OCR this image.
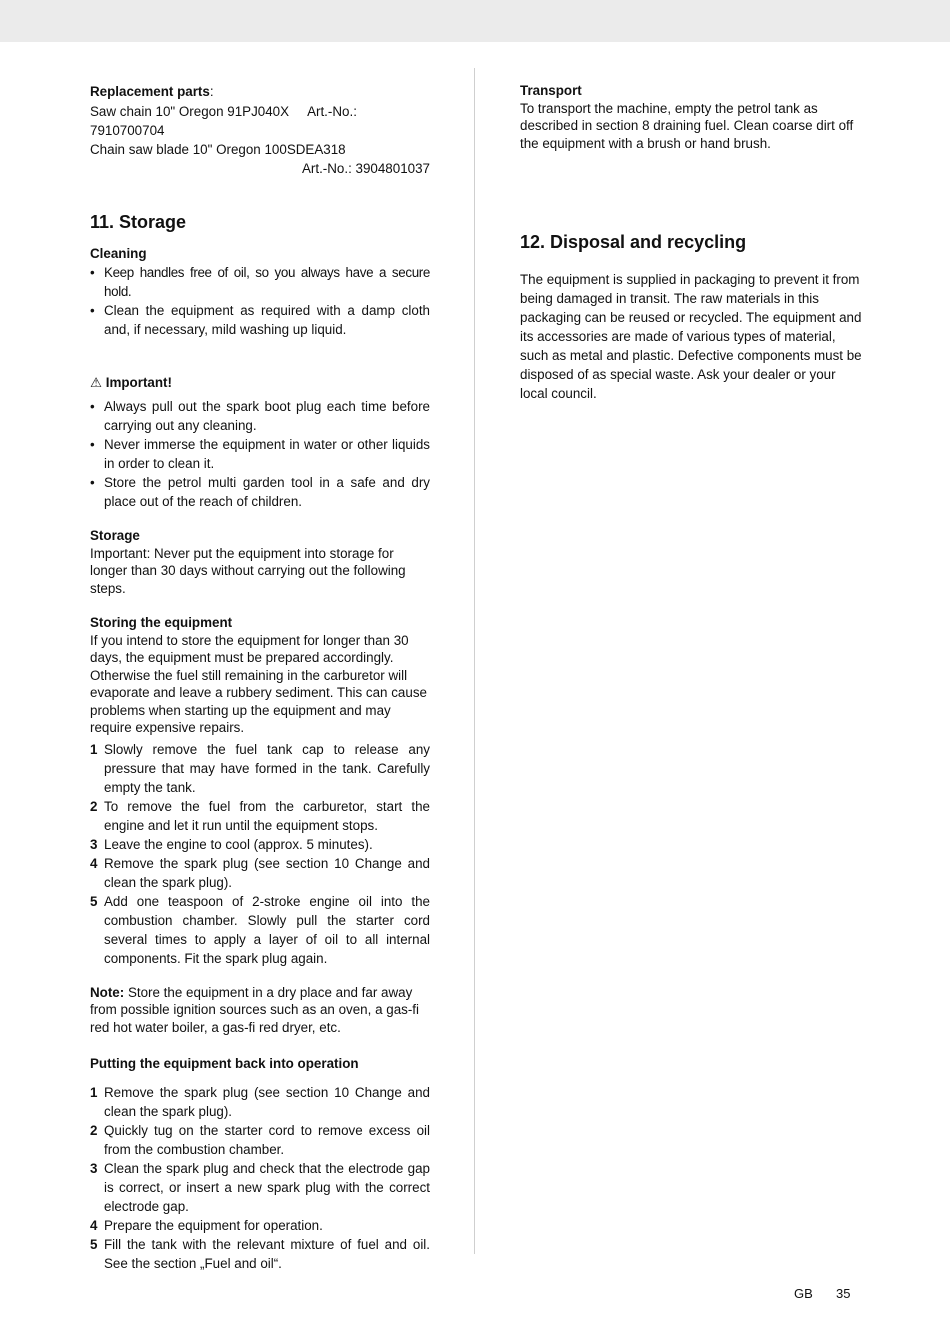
Replacement parts:

Saw chain 10" Oregon 91PJ040X Art.-No.: 7910700704

Chain saw blade 10" Oregon 100SDEA318

Art.-No.: 3904801037

11. Storage

Cleaning

• Keep handles free of oil, so you always have a secure hold.
• Clean the equipment as required with a damp cloth and, if necessary, mild washing up liquid.

⚠ Important!

• Always pull out the spark boot plug each time before carrying out any cleaning.
• Never immerse the equipment in water or other liquids in order to clean it.
• Store the petrol multi garden tool in a safe and dry place out of the reach of children.

Storage

Important: Never put the equipment into storage for longer than 30 days without carrying out the following steps.

Storing the equipment

If you intend to store the equipment for longer than 30 days, the equipment must be prepared accordingly. Otherwise the fuel still remaining in the carburetor will evaporate and leave a rubbery sediment. This can cause problems when starting up the equipment and may require expensive repairs.

1 Slowly remove the fuel tank cap to release any pressure that may have formed in the tank. Carefully empty the tank.
2 To remove the fuel from the carburetor, start the engine and let it run until the equipment stops.
3 Leave the engine to cool (approx. 5 minutes).
4 Remove the spark plug (see section 10 Change and clean the spark plug).
5 Add one teaspoon of 2-stroke engine oil into the combustion chamber. Slowly pull the starter cord several times to apply a layer of oil to all internal components. Fit the spark plug again.

Note: Store the equipment in a dry place and far away from possible ignition sources such as an oven, a gas-fi red hot water boiler, a gas-fi red dryer, etc.

Putting the equipment back into operation

1 Remove the spark plug (see section 10 Change and clean the spark plug).
2 Quickly tug on the starter cord to remove excess oil from the combustion chamber.
3 Clean the spark plug and check that the electrode gap is correct, or insert a new spark plug with the correct electrode gap.
4 Prepare the equipment for operation.
5 Fill the tank with the relevant mixture of fuel and oil. See the section „Fuel and oil“.

Transport

To transport the machine, empty the petrol tank as described in section 8 draining fuel. Clean coarse dirt off the equipment with a brush or hand brush.

12. Disposal and recycling

The equipment is supplied in packaging to prevent it from being damaged in transit. The raw materials in this packaging can be reused or recycled. The equipment and its accessories are made of various types of material, such as metal and plastic. Defective components must be disposed of as special waste. Ask your dealer or your local council.

GB 35
